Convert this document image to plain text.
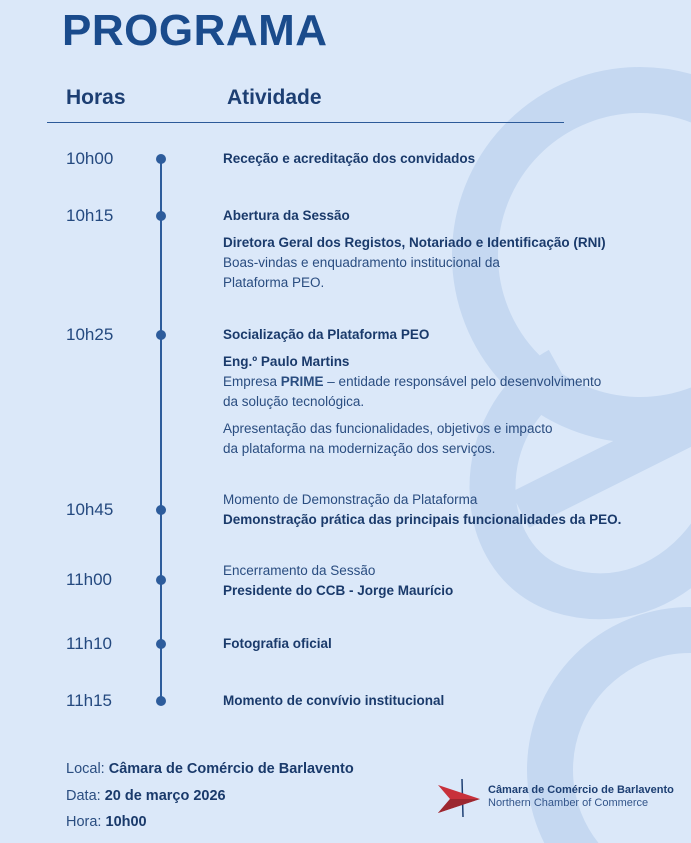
PROGRAMA
Horas	Atividade
10h00	Receção e acreditação dos convidados
10h15	Abertura da Sessão
Diretora Geral dos Registos, Notariado e Identificação (RNI)
Boas-vindas e enquadramento institucional da
Plataforma PEO.
10h25	Socialização da Plataforma PEO
Eng.º Paulo Martins
Empresa PRIME – entidade responsável pelo desenvolvimento
da solução tecnológica.
Apresentação das funcionalidades, objetivos e impacto
da plataforma na modernização dos serviços.
10h45
Momento de Demonstração da Plataforma
Demonstração prática das principais funcionalidades da PEO.
11h00	Encerramento da Sessão
Presidente do CCB - Jorge Maurício
11h10	Fotografia oficial
11h15	Momento de convívio institucional
Local: Câmara de Comércio de Barlavento
Data: 20 de março 2026
Hora: 10h00
Câmara de Comércio de Barlavento
Northern Chamber of Commerce
